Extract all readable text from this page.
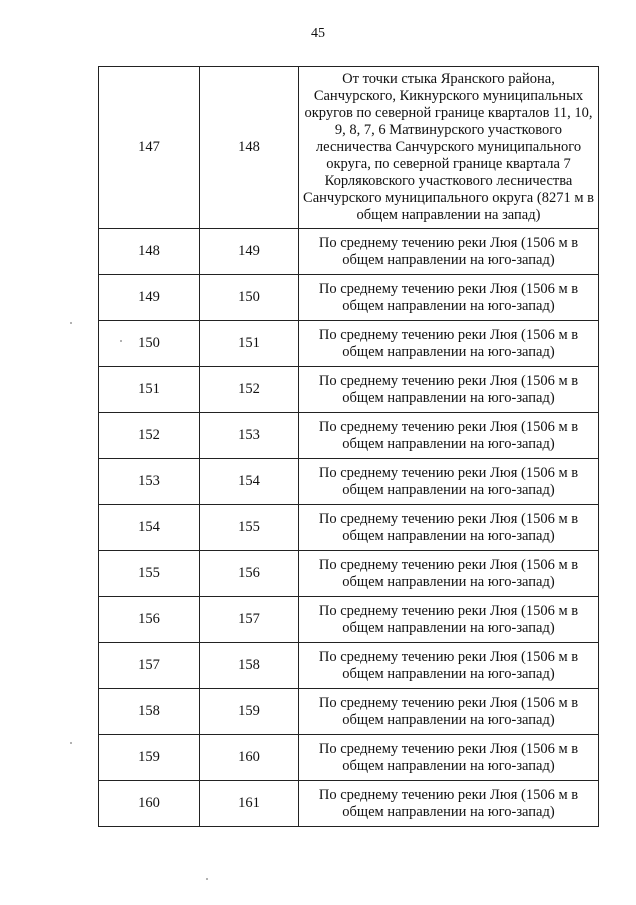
45
147	148	От точки стыка Яранского района, Санчурского, Кикнурского муниципальных округов по северной границе кварталов 11, 10, 9, 8, 7, 6 Матвинурского участкового лесничества Санчурского муниципального округа, по северной границе квартала 7 Корляковского участкового лесничества Санчурского муниципального округа (8271 м в общем направлении на запад)
148	149	По среднему течению реки Люя (1506 м в общем направлении на юго-запад)
149	150	По среднему течению реки Люя (1506 м в общем направлении на юго-запад)
150	151	По среднему течению реки Люя (1506 м в общем направлении на юго-запад)
151	152	По среднему течению реки Люя (1506 м в общем направлении на юго-запад)
152	153	По среднему течению реки Люя (1506 м в общем направлении на юго-запад)
153	154	По среднему течению реки Люя (1506 м в общем направлении на юго-запад)
154	155	По среднему течению реки Люя (1506 м в общем направлении на юго-запад)
155	156	По среднему течению реки Люя (1506 м в общем направлении на юго-запад)
156	157	По среднему течению реки Люя (1506 м в общем направлении на юго-запад)
157	158	По среднему течению реки Люя (1506 м в общем направлении на юго-запад)
158	159	По среднему течению реки Люя (1506 м в общем направлении на юго-запад)
159	160	По среднему течению реки Люя (1506 м в общем направлении на юго-запад)
160	161	По среднему течению реки Люя (1506 м в общем направлении на юго-запад)
